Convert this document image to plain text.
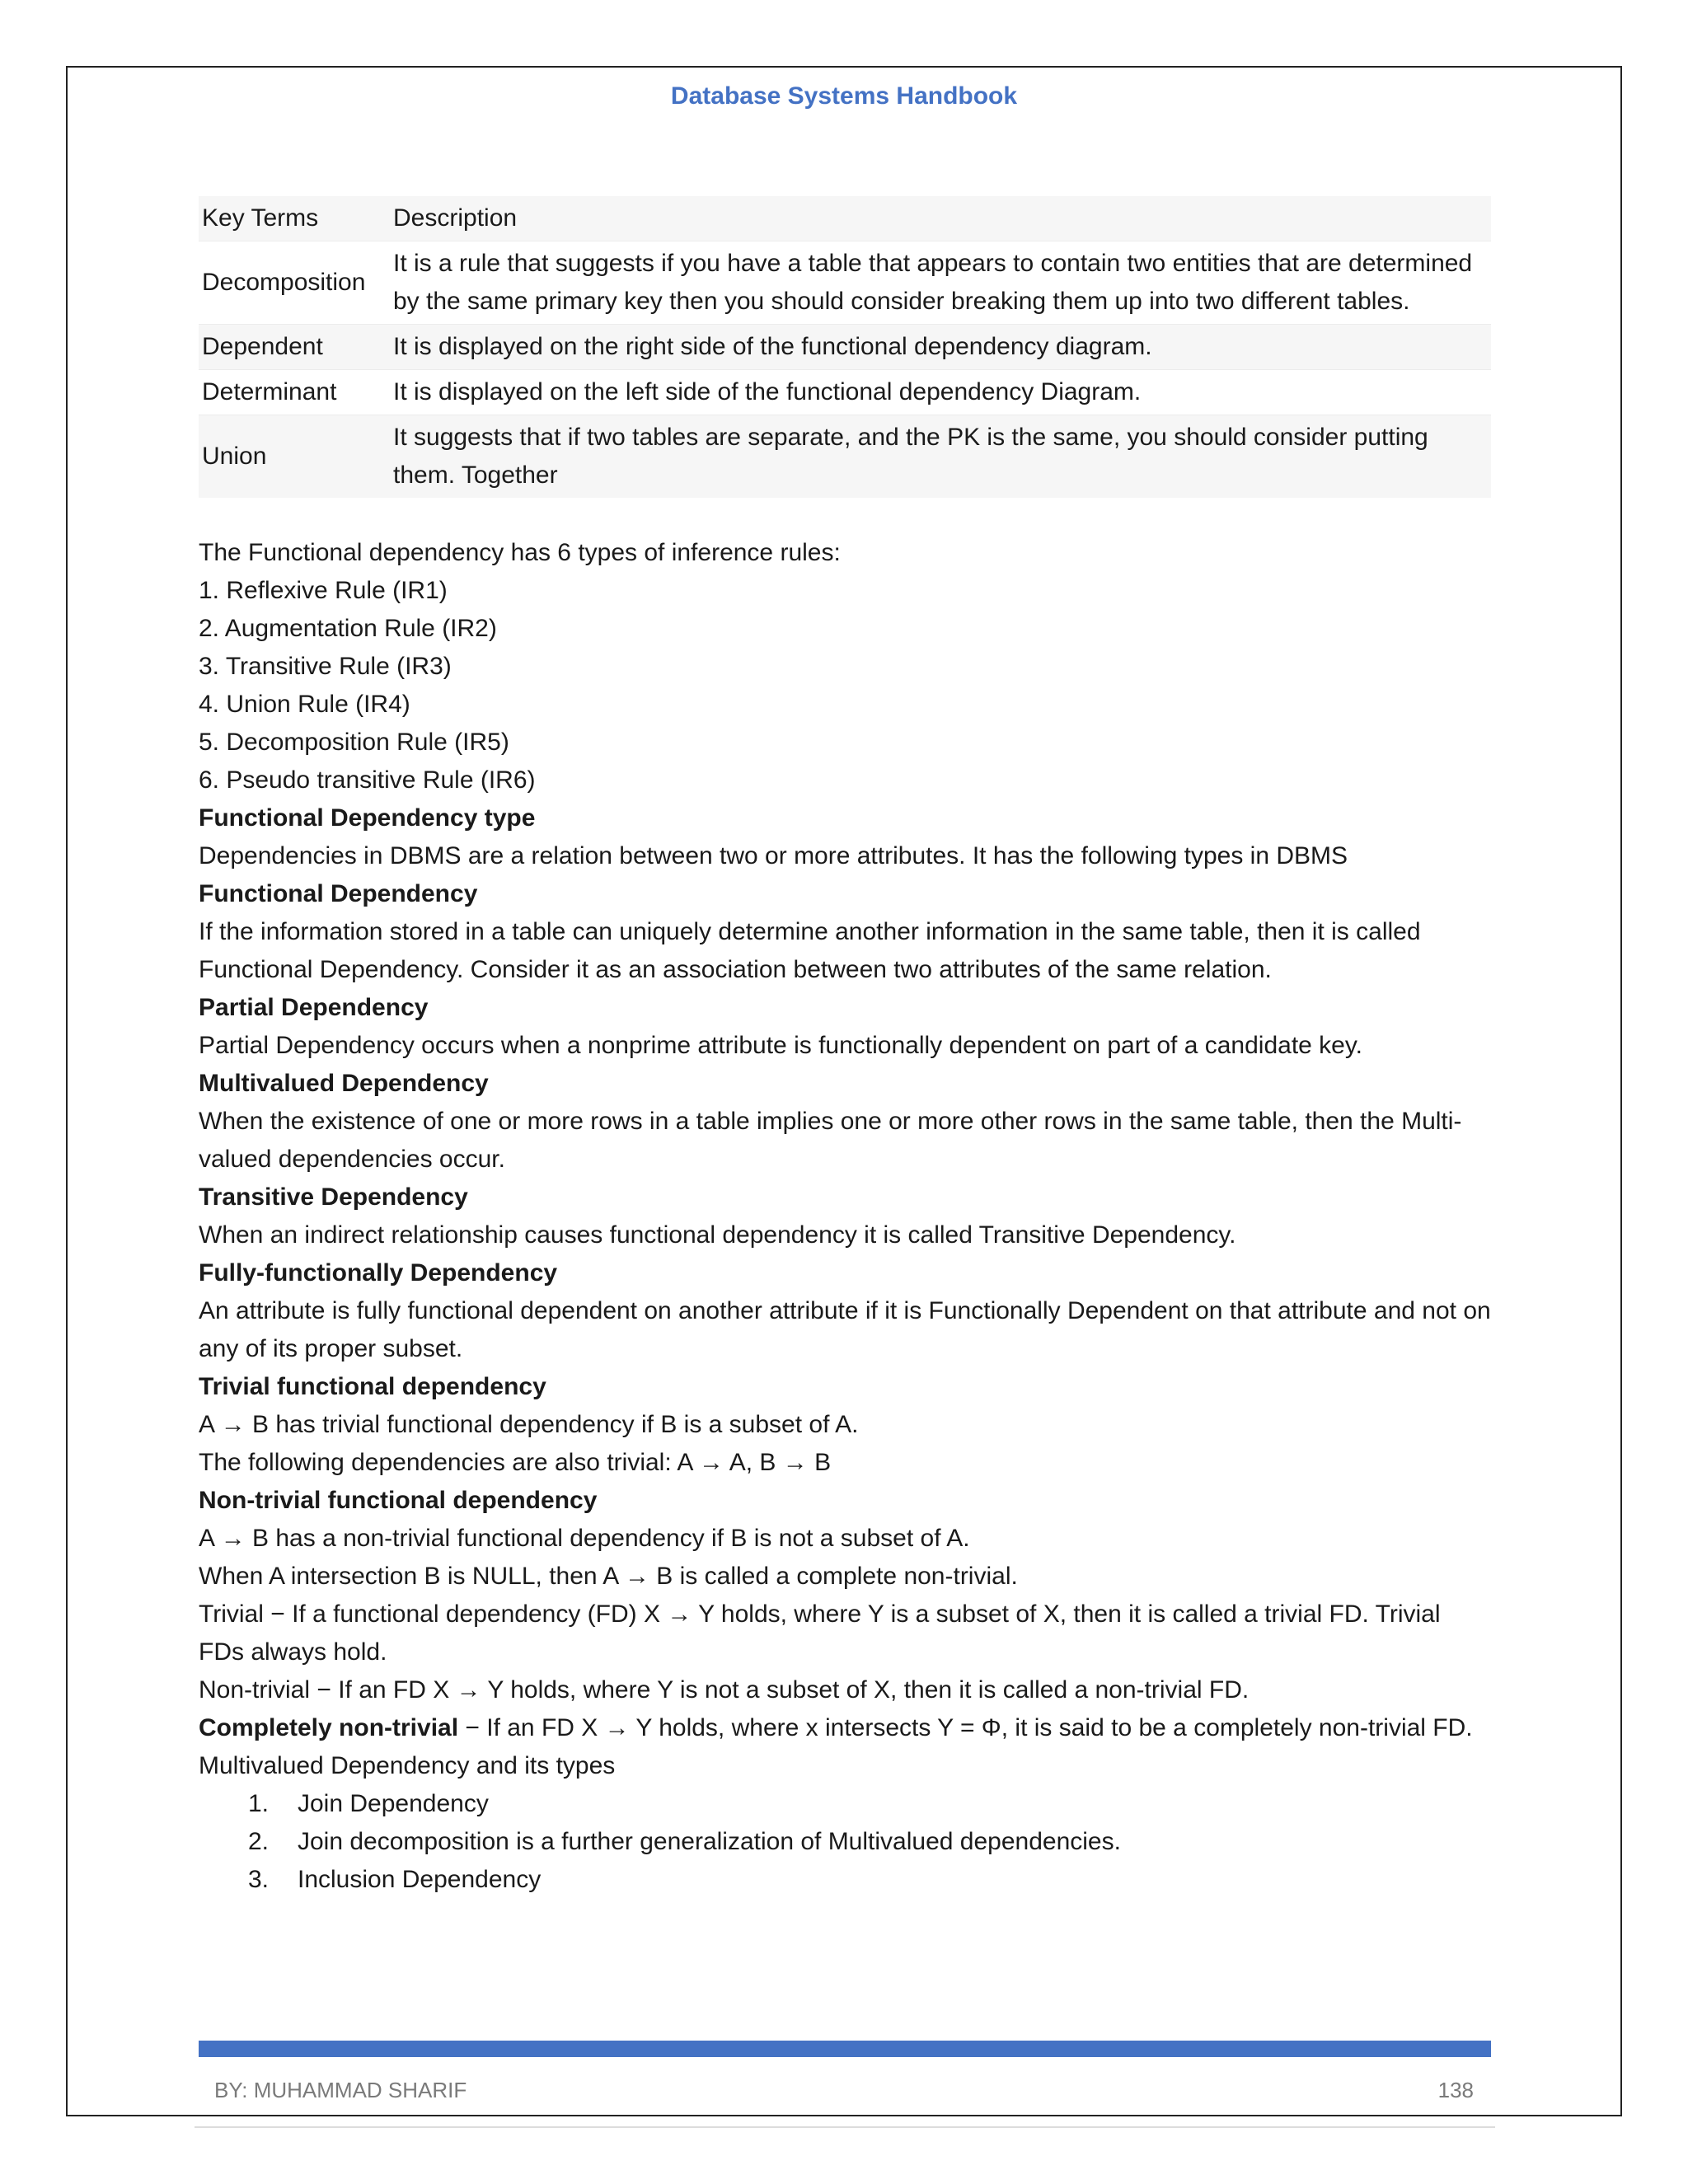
Database Systems Handbook
Key Terms	Description
Decomposition	It is a rule that suggests if you have a table that appears to contain two entities that are determined by the same primary key then you should consider breaking them up into two different tables.
Dependent	It is displayed on the right side of the functional dependency diagram.
Determinant	It is displayed on the left side of the functional dependency Diagram.
Union	It suggests that if two tables are separate, and the PK is the same, you should consider putting them. Together

The Functional dependency has 6 types of inference rules:

1. Reflexive Rule (IR1)

2. Augmentation Rule (IR2)

3. Transitive Rule (IR3)

4. Union Rule (IR4)

5. Decomposition Rule (IR5)

6. Pseudo transitive Rule (IR6)

Functional Dependency type

Dependencies in DBMS are a relation between two or more attributes. It has the following types in DBMS

Functional Dependency

If the information stored in a table can uniquely determine another information in the same table, then it is called Functional Dependency. Consider it as an association between two attributes of the same relation.

Partial Dependency

Partial Dependency occurs when a nonprime attribute is functionally dependent on part of a candidate key.

Multivalued Dependency

When the existence of one or more rows in a table implies one or more other rows in the same table, then the Multi-valued dependencies occur.

Transitive Dependency

When an indirect relationship causes functional dependency it is called Transitive Dependency.

Fully-functionally Dependency

An attribute is fully functional dependent on another attribute if it is Functionally Dependent on that attribute and not on any of its proper subset.

Trivial functional dependency

A → B has trivial functional dependency if B is a subset of A.

The following dependencies are also trivial: A → A, B → B

Non-trivial functional dependency

A → B has a non-trivial functional dependency if B is not a subset of A.

When A intersection B is NULL, then A → B is called a complete non-trivial.

Trivial − If a functional dependency (FD) X → Y holds, where Y is a subset of X, then it is called a trivial FD. Trivial FDs always hold.

Non-trivial − If an FD X → Y holds, where Y is not a subset of X, then it is called a non-trivial FD.

Completely non-trivial − If an FD X → Y holds, where x intersects Y = Φ, it is said to be a completely non-trivial FD.

Multivalued Dependency and its types

1.	Join Dependency
2.	Join decomposition is a further generalization of Multivalued dependencies.
3.	Inclusion Dependency
BY: MUHAMMAD SHARIF	138
